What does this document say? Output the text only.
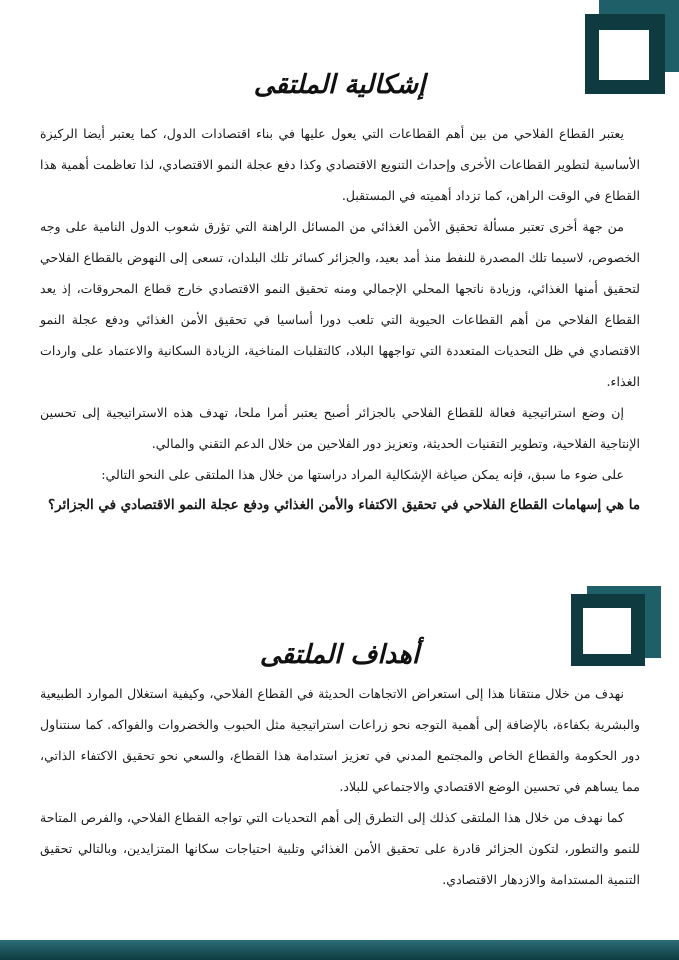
إشكالية الملتقى

يعتبر القطاع الفلاحي من بين أهم القطاعات التي يعول عليها في بناء اقتصادات الدول، كما يعتبر أيضا الركيزة الأساسية لتطوير القطاعات الأخرى وإحداث التنويع الاقتصادي وكذا دفع عجلة النمو الاقتصادي، لذا تعاظمت أهمية هذا القطاع في الوقت الراهن، كما تزداد أهميته في المستقبل.

من جهة أخرى تعتبر مسألة تحقيق الأمن الغذائي من المسائل الراهنة التي تؤرق شعوب الدول النامية على وجه الخصوص، لاسيما تلك المصدرة للنفط منذ أمد بعيد، والجزائر كسائر تلك البلدان، تسعى إلى النهوض بالقطاع الفلاحي لتحقيق أمنها الغذائي، وزيادة ناتجها المحلي الإجمالي ومنه تحقيق النمو الاقتصادي خارج قطاع المحروقات، إذ يعد القطاع الفلاحي من أهم القطاعات الحيوية التي تلعب دورا أساسيا في تحقيق الأمن الغذائي ودفع عجلة النمو الاقتصادي في ظل التحديات المتعددة التي تواجهها البلاد، كالتقلبات المناخية، الزيادة السكانية والاعتماد على واردات الغذاء.

إن وضع استراتيجية فعالة للقطاع الفلاحي بالجزائر أصبح يعتبر أمرا ملحا، تهدف هذه الاستراتيجية إلى تحسين الإنتاجية الفلاحية، وتطوير التقنيات الحديثة، وتعزيز دور الفلاحين من خلال الدعم التقني والمالي.

على ضوء ما سبق، فإنه يمكن صياغة الإشكالية المراد دراستها من خلال هذا الملتقى على النحو التالي:

ما هي إسهامات القطاع الفلاحي في تحقيق الاكتفاء والأمن الغذائي ودفع عجلة النمو الاقتصادي في الجزائر؟

أهداف الملتقى

نهدف من خلال منتقانا هذا إلى استعراض الاتجاهات الحديثة في القطاع الفلاحي، وكيفية استغلال الموارد الطبيعية والبشرية بكفاءة، بالإضافة إلى أهمية التوجه نحو زراعات استراتيجية مثل الحبوب والخضروات والفواكه. كما سنتناول دور الحكومة والقطاع الخاص والمجتمع المدني في تعزيز استدامة هذا القطاع، والسعي نحو تحقيق الاكتفاء الذاتي، مما يساهم في تحسين الوضع الاقتصادي والاجتماعي للبلاد.

كما نهدف من خلال هذا الملتقى كذلك إلى التطرق إلى أهم التحديات التي تواجه القطاع الفلاحي، والفرص المتاحة للنمو والتطور، لتكون الجزائر قادرة على تحقيق الأمن الغذائي وتلبية احتياجات سكانها المتزايدين، وبالتالي تحقيق التنمية المستدامة والازدهار الاقتصادي.
